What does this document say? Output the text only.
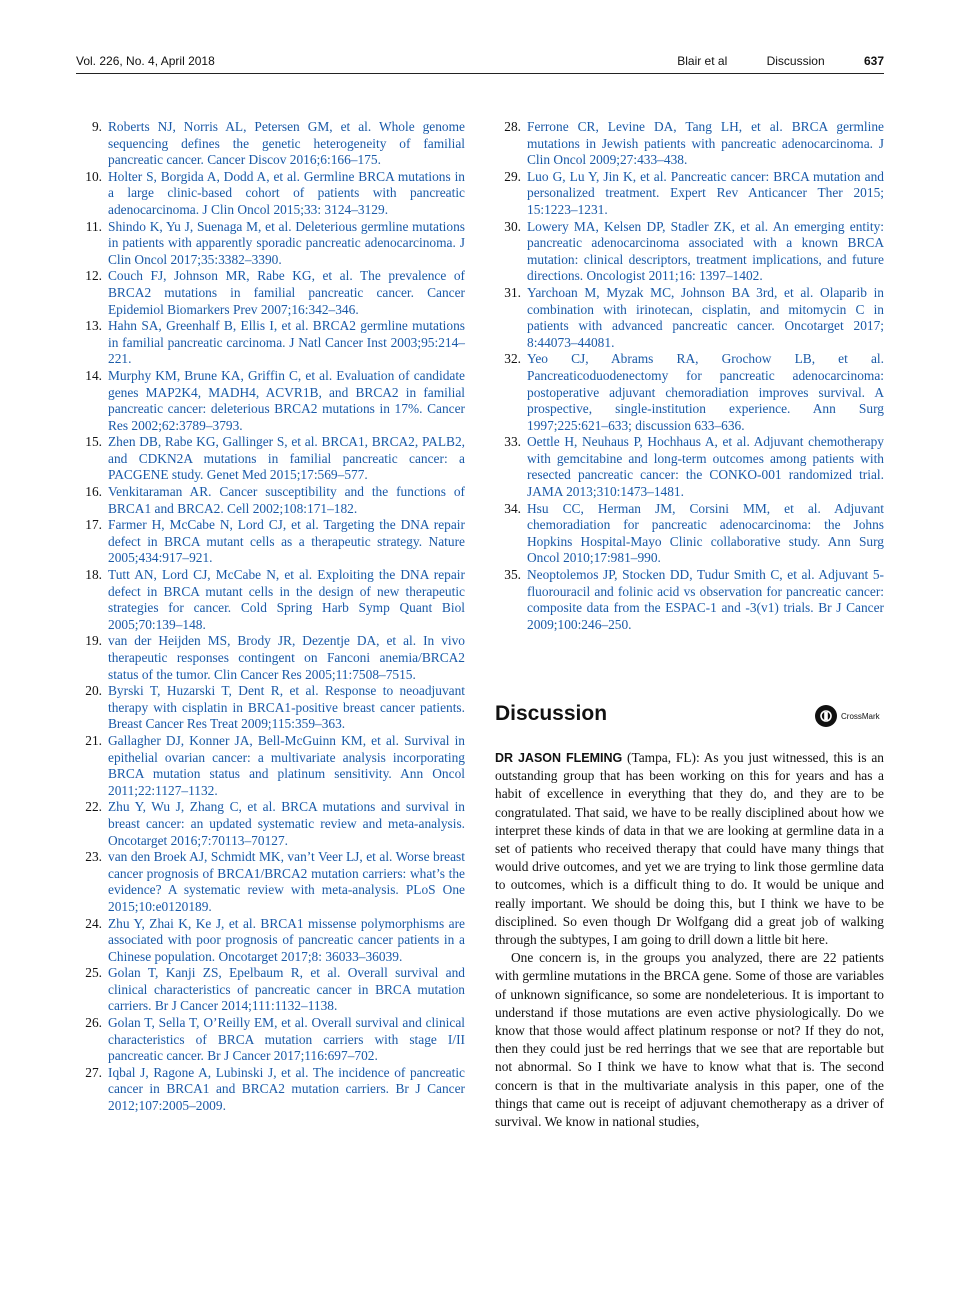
Vol. 226, No. 4, April 2018	Blair et al	Discussion	637
9. Roberts NJ, Norris AL, Petersen GM, et al. Whole genome sequencing defines the genetic heterogeneity of familial pancreatic cancer. Cancer Discov 2016;6:166–175.
10. Holter S, Borgida A, Dodd A, et al. Germline BRCA mutations in a large clinic-based cohort of patients with pancreatic adenocarcinoma. J Clin Oncol 2015;33: 3124–3129.
11. Shindo K, Yu J, Suenaga M, et al. Deleterious germline mutations in patients with apparently sporadic pancreatic adenocarcinoma. J Clin Oncol 2017;35:3382–3390.
12. Couch FJ, Johnson MR, Rabe KG, et al. The prevalence of BRCA2 mutations in familial pancreatic cancer. Cancer Epidemiol Biomarkers Prev 2007;16:342–346.
13. Hahn SA, Greenhalf B, Ellis I, et al. BRCA2 germline mutations in familial pancreatic carcinoma. J Natl Cancer Inst 2003;95:214–221.
14. Murphy KM, Brune KA, Griffin C, et al. Evaluation of candidate genes MAP2K4, MADH4, ACVR1B, and BRCA2 in familial pancreatic cancer: deleterious BRCA2 mutations in 17%. Cancer Res 2002;62:3789–3793.
15. Zhen DB, Rabe KG, Gallinger S, et al. BRCA1, BRCA2, PALB2, and CDKN2A mutations in familial pancreatic cancer: a PACGENE study. Genet Med 2015;17:569–577.
16. Venkitaraman AR. Cancer susceptibility and the functions of BRCA1 and BRCA2. Cell 2002;108:171–182.
17. Farmer H, McCabe N, Lord CJ, et al. Targeting the DNA repair defect in BRCA mutant cells as a therapeutic strategy. Nature 2005;434:917–921.
18. Tutt AN, Lord CJ, McCabe N, et al. Exploiting the DNA repair defect in BRCA mutant cells in the design of new therapeutic strategies for cancer. Cold Spring Harb Symp Quant Biol 2005;70:139–148.
19. van der Heijden MS, Brody JR, Dezentje DA, et al. In vivo therapeutic responses contingent on Fanconi anemia/BRCA2 status of the tumor. Clin Cancer Res 2005;11:7508–7515.
20. Byrski T, Huzarski T, Dent R, et al. Response to neoadjuvant therapy with cisplatin in BRCA1-positive breast cancer patients. Breast Cancer Res Treat 2009;115:359–363.
21. Gallagher DJ, Konner JA, Bell-McGuinn KM, et al. Survival in epithelial ovarian cancer: a multivariate analysis incorporating BRCA mutation status and platinum sensitivity. Ann Oncol 2011;22:1127–1132.
22. Zhu Y, Wu J, Zhang C, et al. BRCA mutations and survival in breast cancer: an updated systematic review and meta-analysis. Oncotarget 2016;7:70113–70127.
23. van den Broek AJ, Schmidt MK, van’t Veer LJ, et al. Worse breast cancer prognosis of BRCA1/BRCA2 mutation carriers: what’s the evidence? A systematic review with meta-analysis. PLoS One 2015;10:e0120189.
24. Zhu Y, Zhai K, Ke J, et al. BRCA1 missense polymorphisms are associated with poor prognosis of pancreatic cancer patients in a Chinese population. Oncotarget 2017;8: 36033–36039.
25. Golan T, Kanji ZS, Epelbaum R, et al. Overall survival and clinical characteristics of pancreatic cancer in BRCA mutation carriers. Br J Cancer 2014;111:1132–1138.
26. Golan T, Sella T, O’Reilly EM, et al. Overall survival and clinical characteristics of BRCA mutation carriers with stage I/II pancreatic cancer. Br J Cancer 2017;116:697–702.
27. Iqbal J, Ragone A, Lubinski J, et al. The incidence of pancreatic cancer in BRCA1 and BRCA2 mutation carriers. Br J Cancer 2012;107:2005–2009.
28. Ferrone CR, Levine DA, Tang LH, et al. BRCA germline mutations in Jewish patients with pancreatic adenocarcinoma. J Clin Oncol 2009;27:433–438.
29. Luo G, Lu Y, Jin K, et al. Pancreatic cancer: BRCA mutation and personalized treatment. Expert Rev Anticancer Ther 2015; 15:1223–1231.
30. Lowery MA, Kelsen DP, Stadler ZK, et al. An emerging entity: pancreatic adenocarcinoma associated with a known BRCA mutation: clinical descriptors, treatment implications, and future directions. Oncologist 2011;16: 1397–1402.
31. Yarchoan M, Myzak MC, Johnson BA 3rd, et al. Olaparib in combination with irinotecan, cisplatin, and mitomycin C in patients with advanced pancreatic cancer. Oncotarget 2017; 8:44073–44081.
32. Yeo CJ, Abrams RA, Grochow LB, et al. Pancreaticoduodenectomy for pancreatic adenocarcinoma: postoperative adjuvant chemoradiation improves survival. A prospective, single-institution experience. Ann Surg 1997;225:621–633; discussion 633–636.
33. Oettle H, Neuhaus P, Hochhaus A, et al. Adjuvant chemotherapy with gemcitabine and long-term outcomes among patients with resected pancreatic cancer: the CONKO-001 randomized trial. JAMA 2013;310:1473–1481.
34. Hsu CC, Herman JM, Corsini MM, et al. Adjuvant chemoradiation for pancreatic adenocarcinoma: the Johns Hopkins Hospital-Mayo Clinic collaborative study. Ann Surg Oncol 2010;17:981–990.
35. Neoptolemos JP, Stocken DD, Tudur Smith C, et al. Adjuvant 5-fluorouracil and folinic acid vs observation for pancreatic cancer: composite data from the ESPAC-1 and -3(v1) trials. Br J Cancer 2009;100:246–250.
Discussion	CrossMark

DR JASON FLEMING (Tampa, FL): As you just witnessed, this is an outstanding group that has been working on this for years and has a habit of excellence in everything that they do, and they are to be congratulated. That said, we have to be really disciplined about how we interpret these kinds of data in that we are looking at germline data in a set of patients who received therapy that could have many things that would drive outcomes, and yet we are trying to link those germline data to outcomes, which is a difficult thing to do. It would be unique and really important. We should be doing this, but I think we have to be disciplined. So even though Dr Wolfgang did a great job of walking through the subtypes, I am going to drill down a little bit here.

One concern is, in the groups you analyzed, there are 22 patients with germline mutations in the BRCA gene. Some of those are variables of unknown significance, so some are nondeleterious. It is important to understand if those mutations are even active physiologically. Do we know that those would affect platinum response or not? If they do not, then they could just be red herrings that we see that are reportable but not abnormal. So I think we have to know what that is. The second concern is that in the multivariate analysis in this paper, one of the things that came out is receipt of adjuvant chemotherapy as a driver of survival. We know in national studies,
